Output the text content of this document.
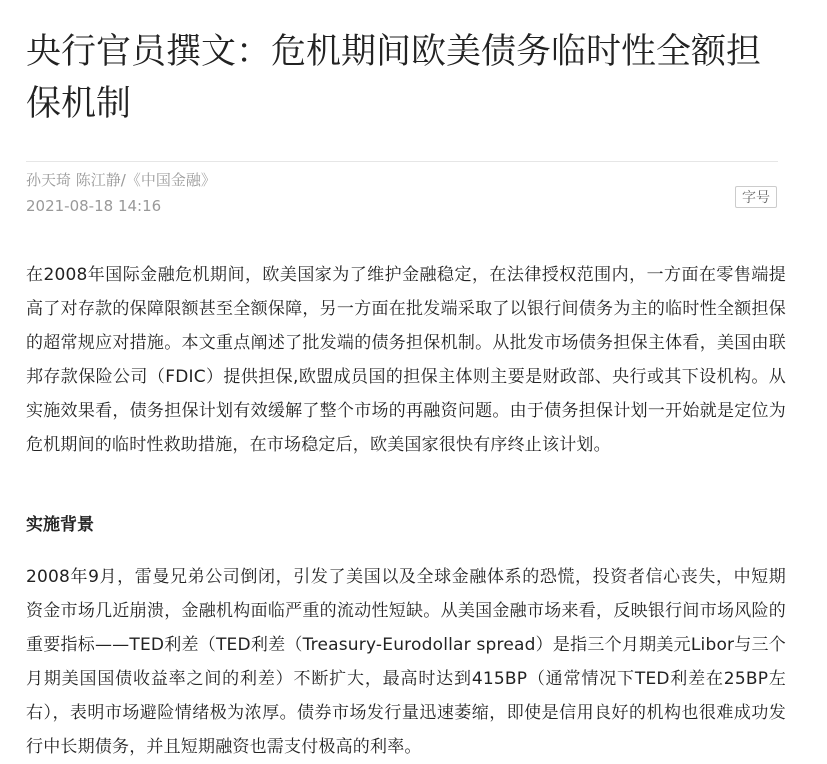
央行官员撰文：危机期间欧美债务临时性全额担保机制
孙天琦 陈江静/《中国金融》
2021-08-18 14:16	字号

在2008年国际金融危机期间，欧美国家为了维护金融稳定，在法律授权范围内，一方面在零售端提高了对存款的保障限额甚至全额保障，另一方面在批发端采取了以银行间债务为主的临时性全额担保的超常规应对措施。本文重点阐述了批发端的债务担保机制。从批发市场债务担保主体看，美国由联邦存款保险公司（FDIC）提供担保,欧盟成员国的担保主体则主要是财政部、央行或其下设机构。从实施效果看，债务担保计划有效缓解了整个市场的再融资问题。由于债务担保计划一开始就是定位为危机期间的临时性救助措施，在市场稳定后，欧美国家很快有序终止该计划。

实施背景

2008年9月，雷曼兄弟公司倒闭，引发了美国以及全球金融体系的恐慌，投资者信心丧失，中短期资金市场几近崩溃，金融机构面临严重的流动性短缺。从美国金融市场来看，反映银行间市场风险的重要指标——TED利差（TED利差（Treasury-Eurodollar spread）是指三个月期美元Libor与三个月期美国国债收益率之间的利差）不断扩大，最高时达到415BP（通常情况下TED利差在25BP左右），表明市场避险情绪极为浓厚。债券市场发行量迅速萎缩，即使是信用良好的机构也很难成功发行中长期债务，并且短期融资也需支付极高的利率。
